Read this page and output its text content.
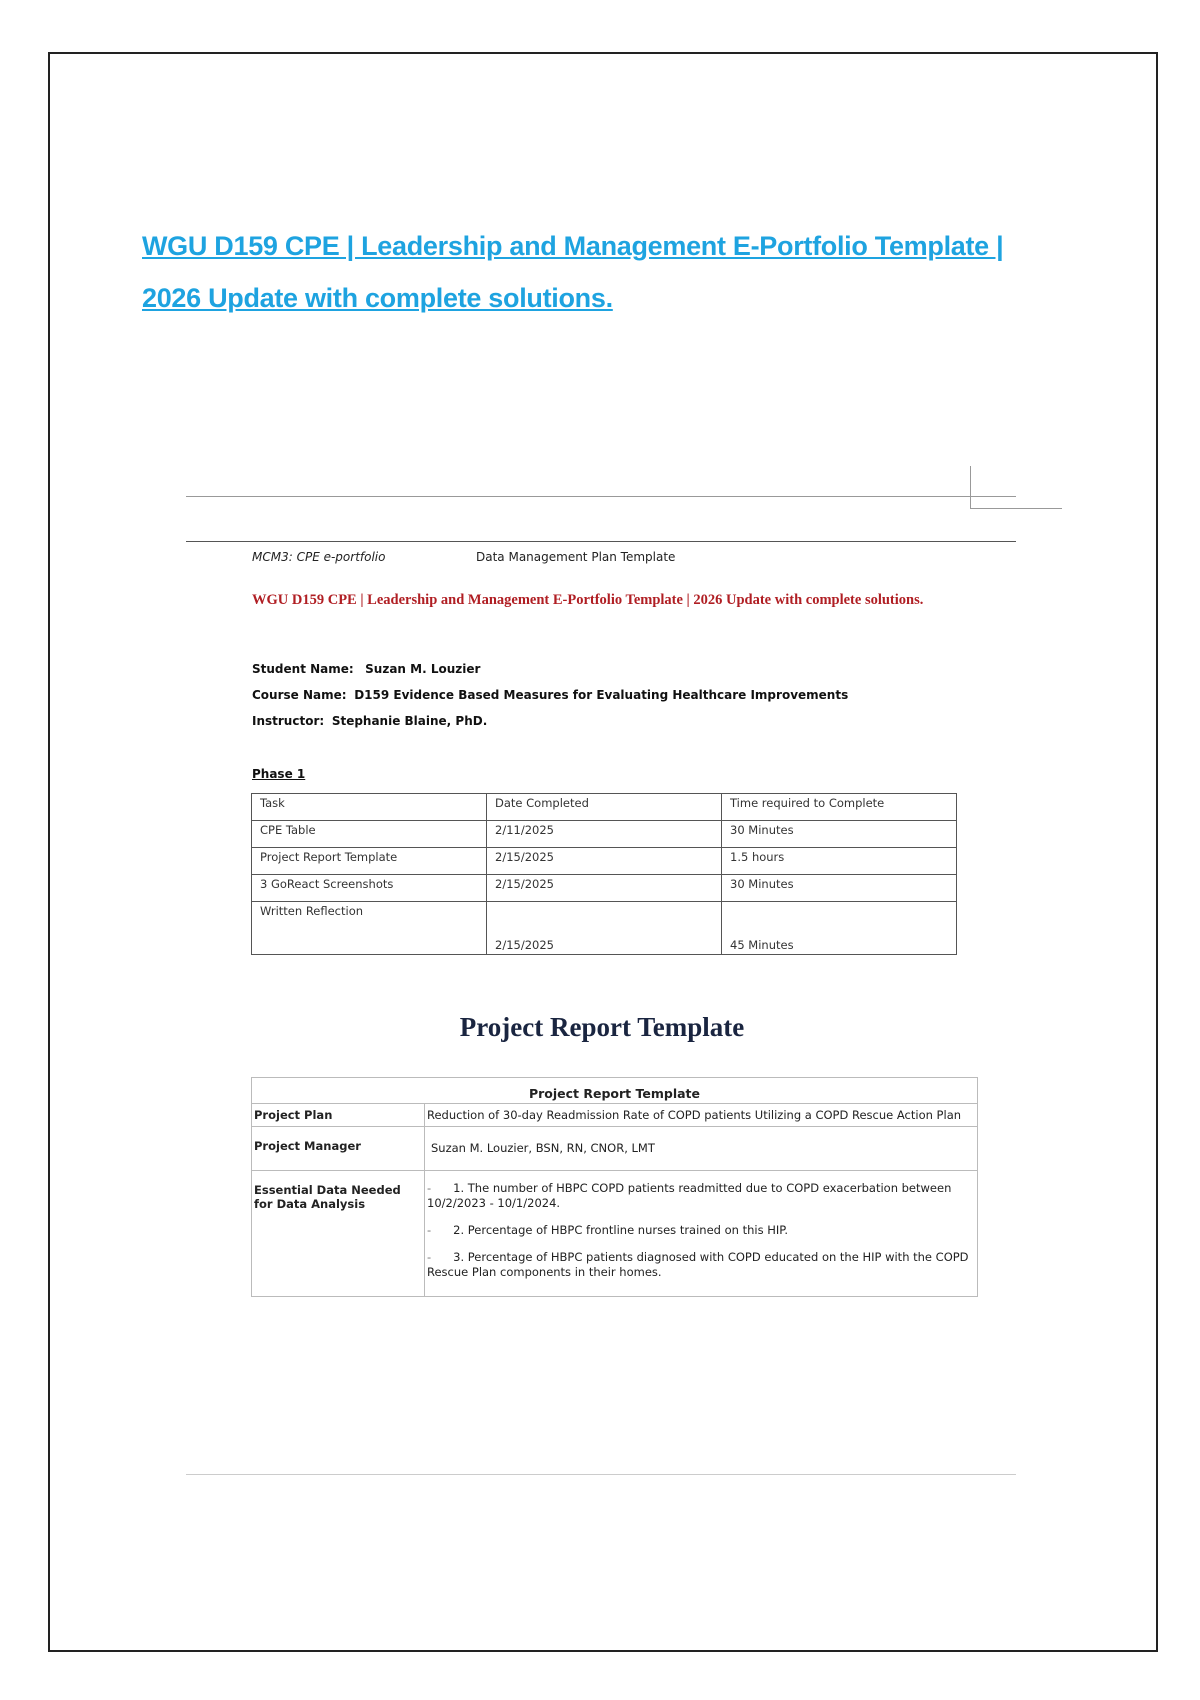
WGU D159 CPE | Leadership and Management E-Portfolio Template | 2026 Update with complete solutions.
MCM3: CPE e-portfolio	Data Management Plan Template
WGU D159 CPE | Leadership and Management E-Portfolio Template | 2026 Update with complete solutions.
Student Name: Suzan M. Louzier
Course Name: D159 Evidence Based Measures for Evaluating Healthcare Improvements
Instructor: Stephanie Blaine, PhD.
Phase 1
Task	Date Completed	Time required to Complete
CPE Table	2/11/2025	30 Minutes
Project Report Template	2/15/2025	1.5 hours
3 GoReact Screenshots	2/15/2025	30 Minutes
Written Reflection	2/15/2025	45 Minutes
Project Report Template
Project Report Template	
Project Plan	Reduction of 30-day Readmission Rate of COPD patients Utilizing a COPD Rescue Action Plan
Project Manager	Suzan M. Louzier, BSN, RN, CNOR, LMT

Essential Data Needed for Data Analysis	- 1. The number of HBPC COPD patients readmitted due to COPD exacerbation between 10/2/2023 - 10/1/2024.
- 2. Percentage of HBPC frontline nurses trained on this HIP.
- 3. Percentage of HBPC patients diagnosed with COPD educated on the HIP with the COPD Rescue Plan components in their homes.
